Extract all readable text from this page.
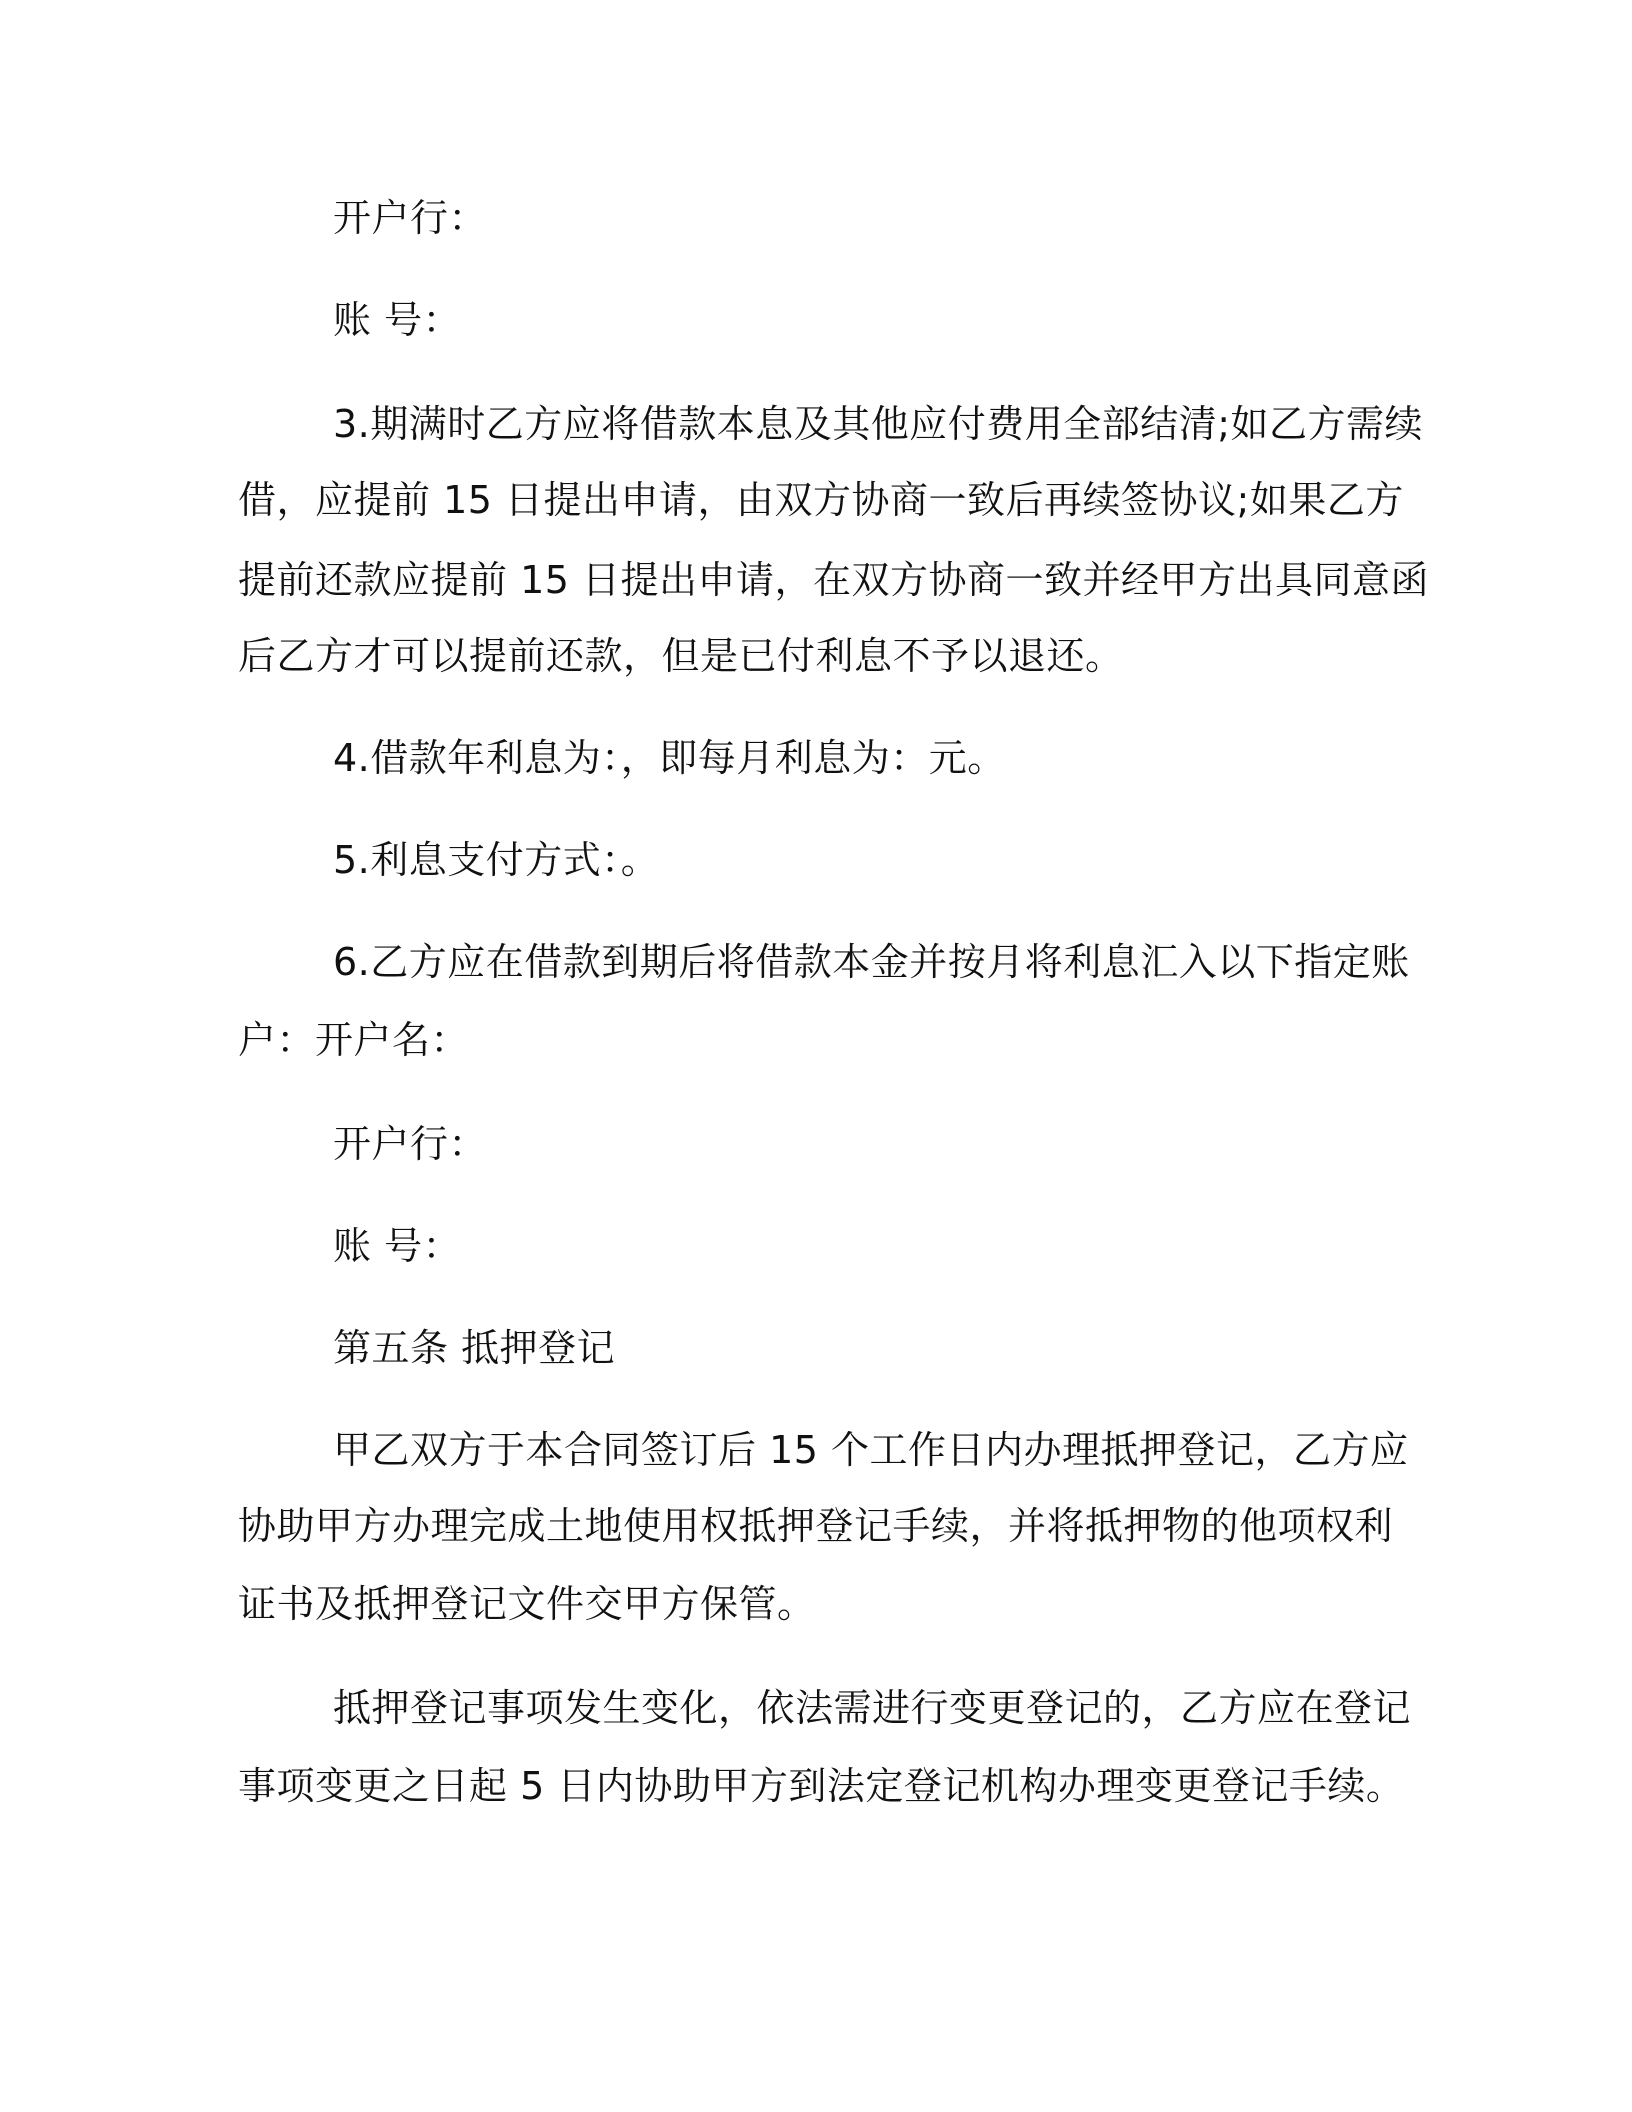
开户行：

账 号：

3.期满时乙方应将借款本息及其他应付费用全部结清;如乙方需续

借，应提前 15 日提出申请，由双方协商一致后再续签协议;如果乙方

提前还款应提前 15 日提出申请，在双方协商一致并经甲方出具同意函

后乙方才可以提前还款，但是已付利息不予以退还。

4.借款年利息为：，即每月利息为：元。

5.利息支付方式：。

6.乙方应在借款到期后将借款本金并按月将利息汇入以下指定账

户：开户名：

开户行：

账 号：

第五条 抵押登记

甲乙双方于本合同签订后 15 个工作日内办理抵押登记，乙方应

协助甲方办理完成土地使用权抵押登记手续，并将抵押物的他项权利

证书及抵押登记文件交甲方保管。

抵押登记事项发生变化，依法需进行变更登记的，乙方应在登记

事项变更之日起 5 日内协助甲方到法定登记机构办理变更登记手续。
